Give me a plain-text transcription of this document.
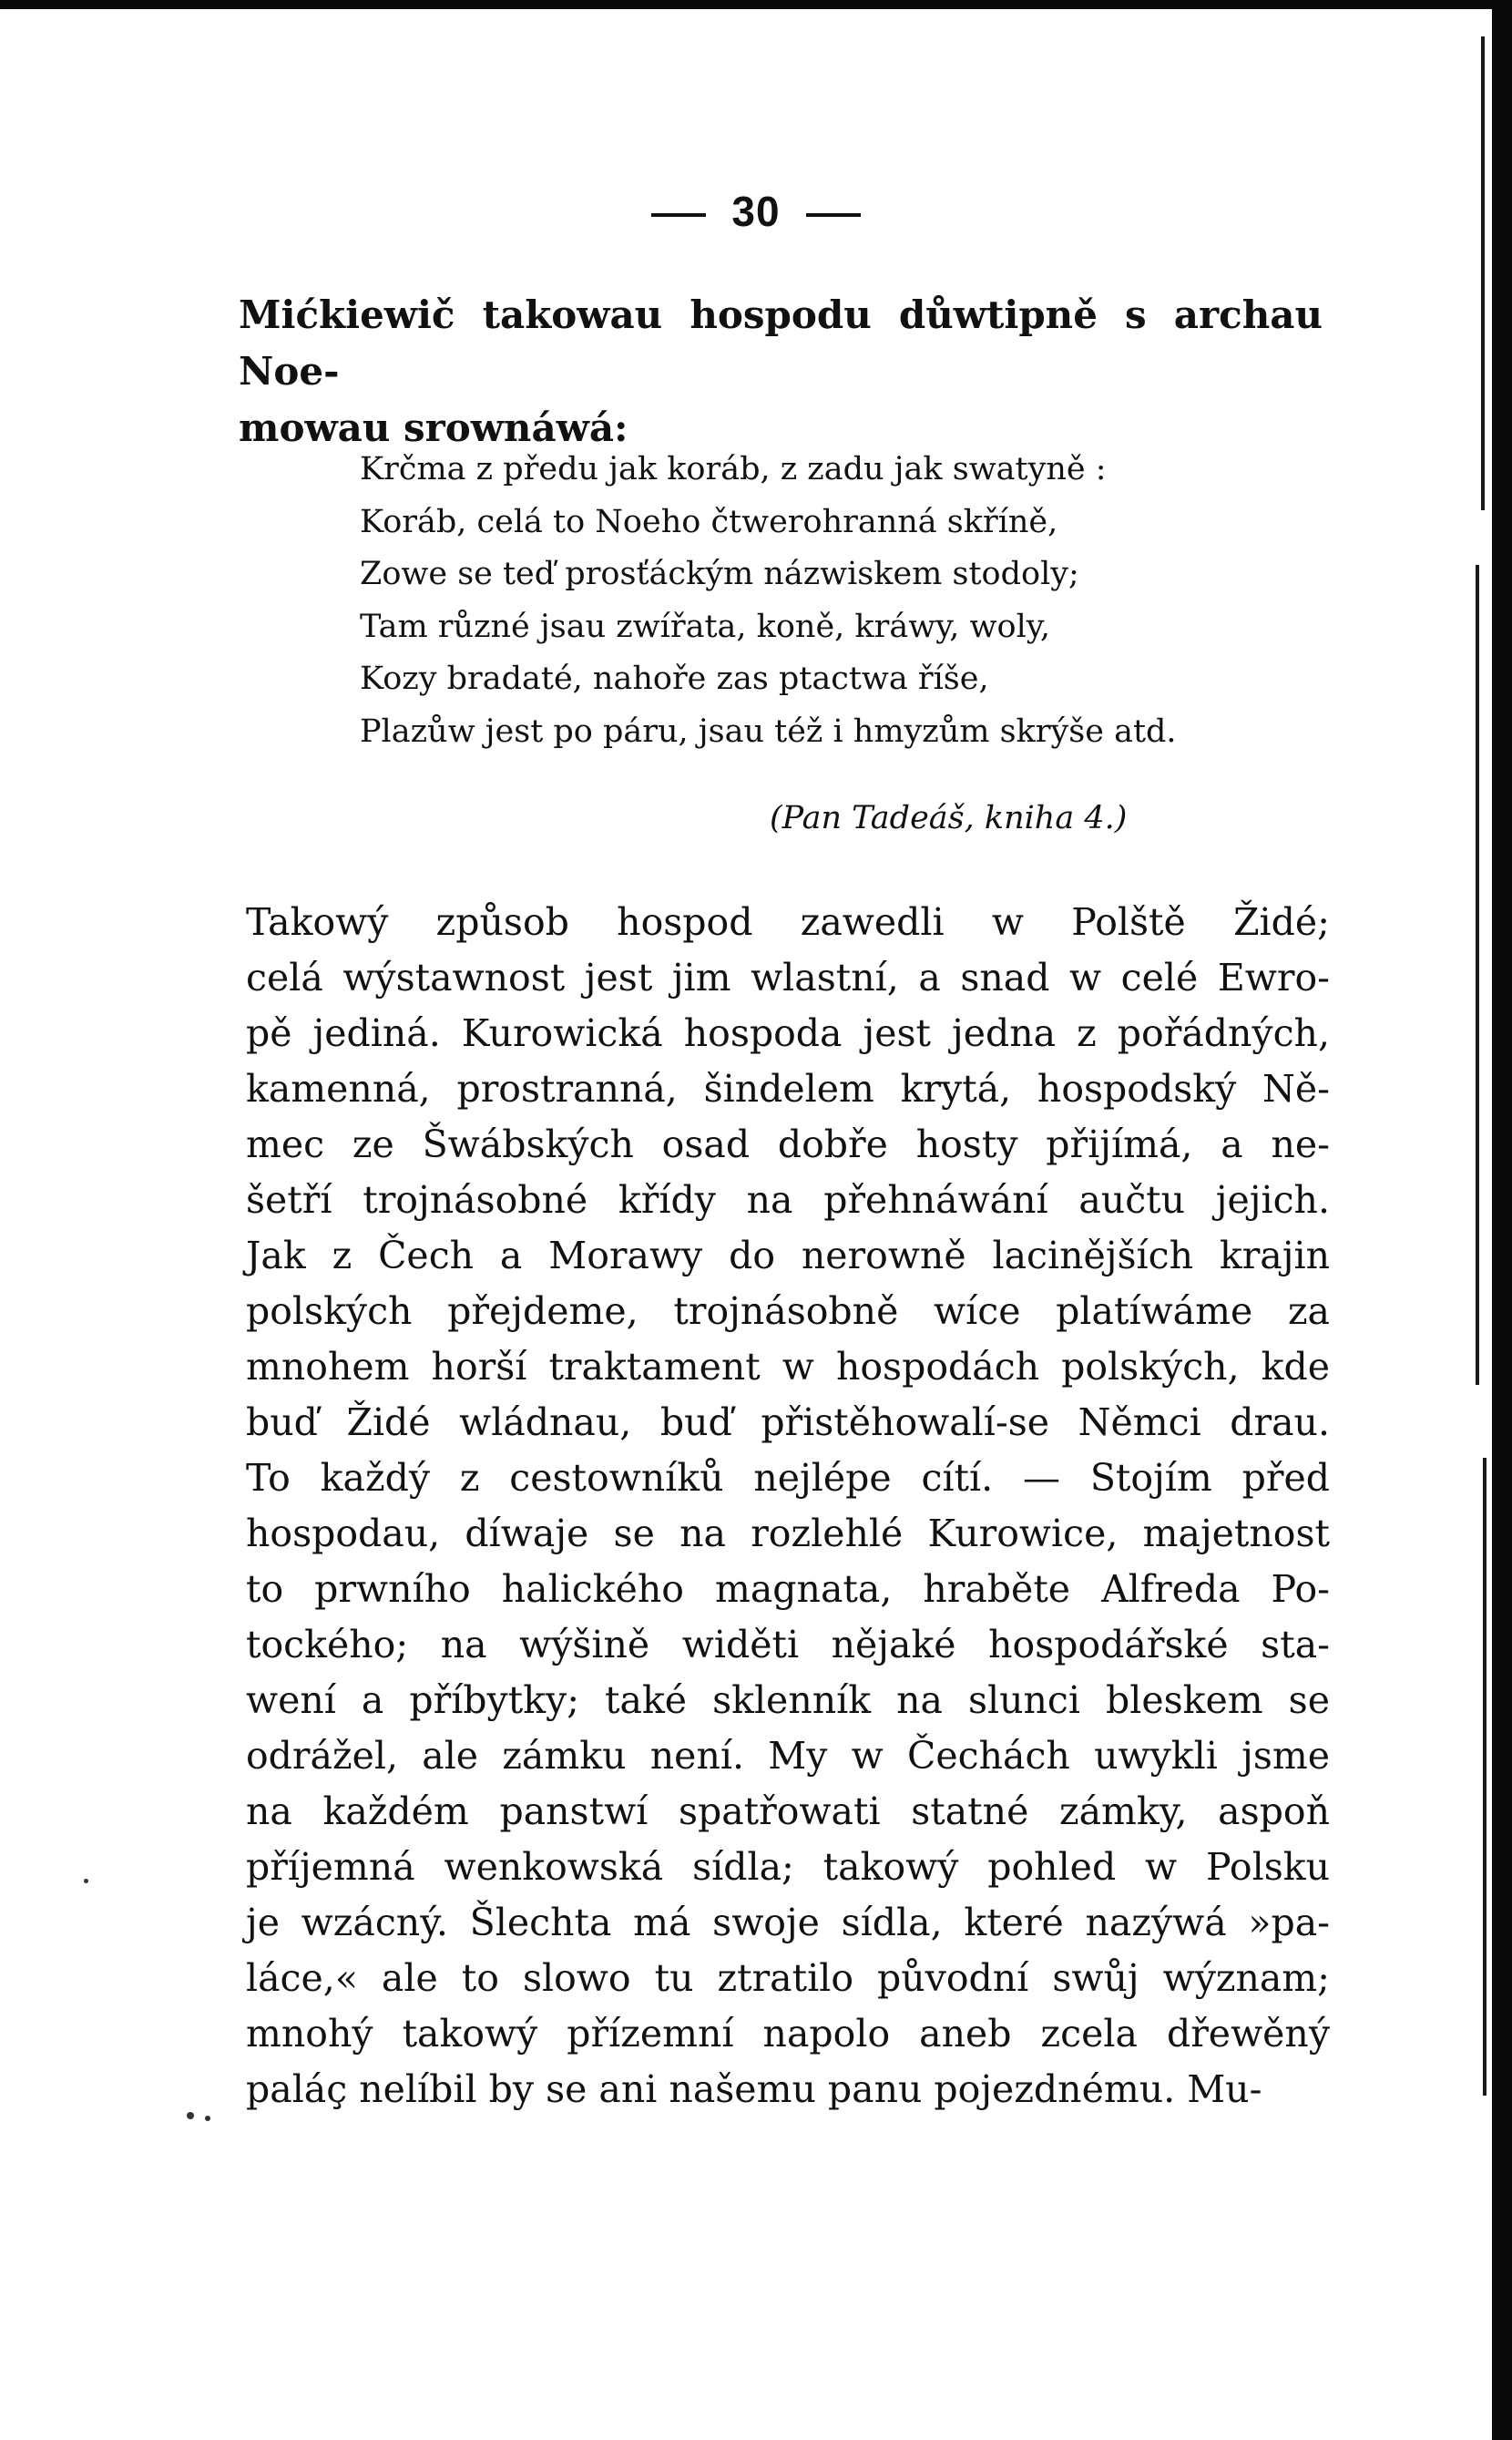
30
Mićkiewič takowau hospodu důwtipně s archau Noe-
mowau srownáwá:
Krčma z předu jak koráb, z zadu jak swatyně :
Koráb, celá to Noeho čtwerohranná skříně,
Zowe se teď prosťáckým názwiskem stodoly;
Tam různé jsau zwířata, koně, kráwy, woly,
Kozy bradaté, nahoře zas ptactwa říše,
Plazůw jest po páru, jsau též i hmyzům skrýše atd.
(Pan Tadeáš, kniha 4.)
Takowý způsob hospod zawedli w Polště Židé;
celá wýstawnost jest jim wlastní, a snad w celé Ewro-
pě jediná. Kurowická hospoda jest jedna z pořádných,
kamenná, prostranná, šindelem krytá, hospodský Ně-
mec ze Šwábských osad dobře hosty přijímá, a ne-
šetří trojnásobné křídy na přehnáwání aučtu jejich.
Jak z Čech a Morawy do nerowně lacinějších krajin
polských přejdeme, trojnásobně wíce platíwáme za
mnohem horší traktament w hospodách polských, kde
buď Židé wládnau, buď přistěhowalí-se Němci drau.
To každý z cestowníků nejlépe cítí. — Stojím před
hospodau, díwaje se na rozlehlé Kurowice, majetnost
to prwního halického magnata, hraběte Alfreda Po-
tockého; na wýšině widěti nějaké hospodářské sta-
wení a příbytky; také sklenník na slunci bleskem se
odrážel, ale zámku není. My w Čechách uwykli jsme
na každém panstwí spatřowati statné zámky, aspoň
příjemná wenkowská sídla; takowý pohled w Polsku
je wzácný. Šlechta má swoje sídla, které nazýwá »pa-
láce,« ale to slowo tu ztratilo původní swůj wýznam;
mnohý takowý přízemní napolo aneb zcela dřewěný
paláç nelíbil by se ani našemu panu pojezdnému. Mu-
